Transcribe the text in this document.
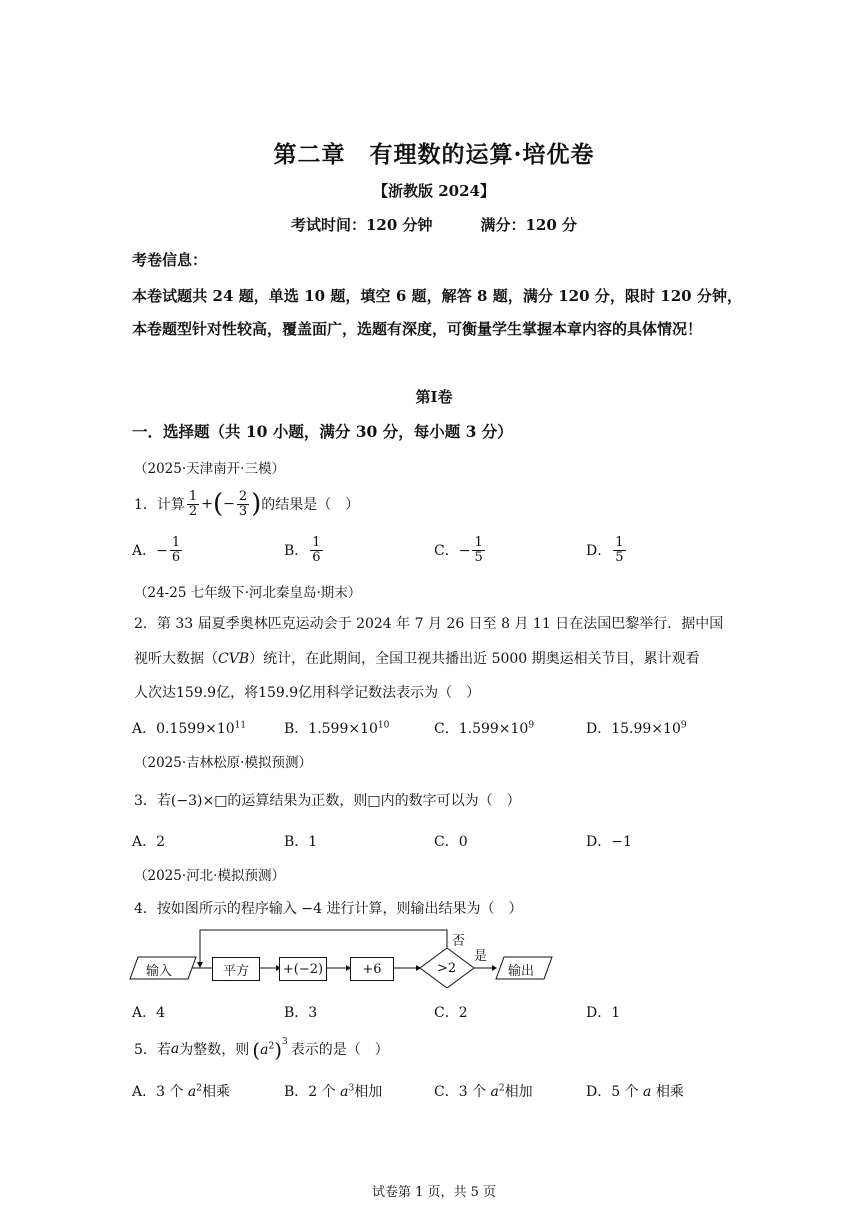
第二章　有理数的运算·培优卷
【浙教版 2024】
考试时间：120 分钟	满分：120 分
考卷信息：
本卷试题共 24 题，单选 10 题，填空 6 题，解答 8 题，满分 120 分，限时 120 分钟，本卷题型针对性较高，覆盖面广，选题有深度，可衡量学生掌握本章内容的具体情况！
第Ⅰ卷
一．选择题（共 10 小题，满分 30 分，每小题 3 分）
（2025·天津南开·三模）
1．计算 $\frac{1}{2}$ + ( − $\frac{2}{3}$ ) 的结果是（　）
A．− $\frac{1}{6}$	B． $\frac{1}{6}$	C．− $\frac{1}{5}$	D． $\frac{1}{5}$
（24-25 七年级下·河北秦皇岛·期末）
2．第 33 届夏季奥林匹克运动会于 2024 年 7 月 26 日至 8 月 11 日在法国巴黎举行．据中国
视听大数据（CVB）统计，在此期间，全国卫视共播出近 5000 期奥运相关节目，累计观看
人次达159.9亿，将159.9亿用科学记数法表示为（　）
A．$0.1599\times 10^{11}$	B．$1.599\times 10^{10}$	C．$1.599\times 10^9$	D．$15.99\times 10^9$
（2025·吉林松原·模拟预测）
3．若(−3)×□的运算结果为正数，则□内的数字可以为（　）
A．2	B．1	C．0	D．−1
（2025·河北·模拟预测）
4．按如图所示的程序输入 −4 进行计算，则输出结果为（　）
输入	平方	+(−2)	+6	>2
否
是
输出
A．4	B．3	C．2	D．1
5．若 a 为整数，则 $(a^2)^3$
表示的是（　）
A．3 个 $a^2$相乘	B．2 个 $a^3$相加	C．3 个 $a^2$相加	D．5 个 a 相乘
试卷第 1 页，共 5 页
